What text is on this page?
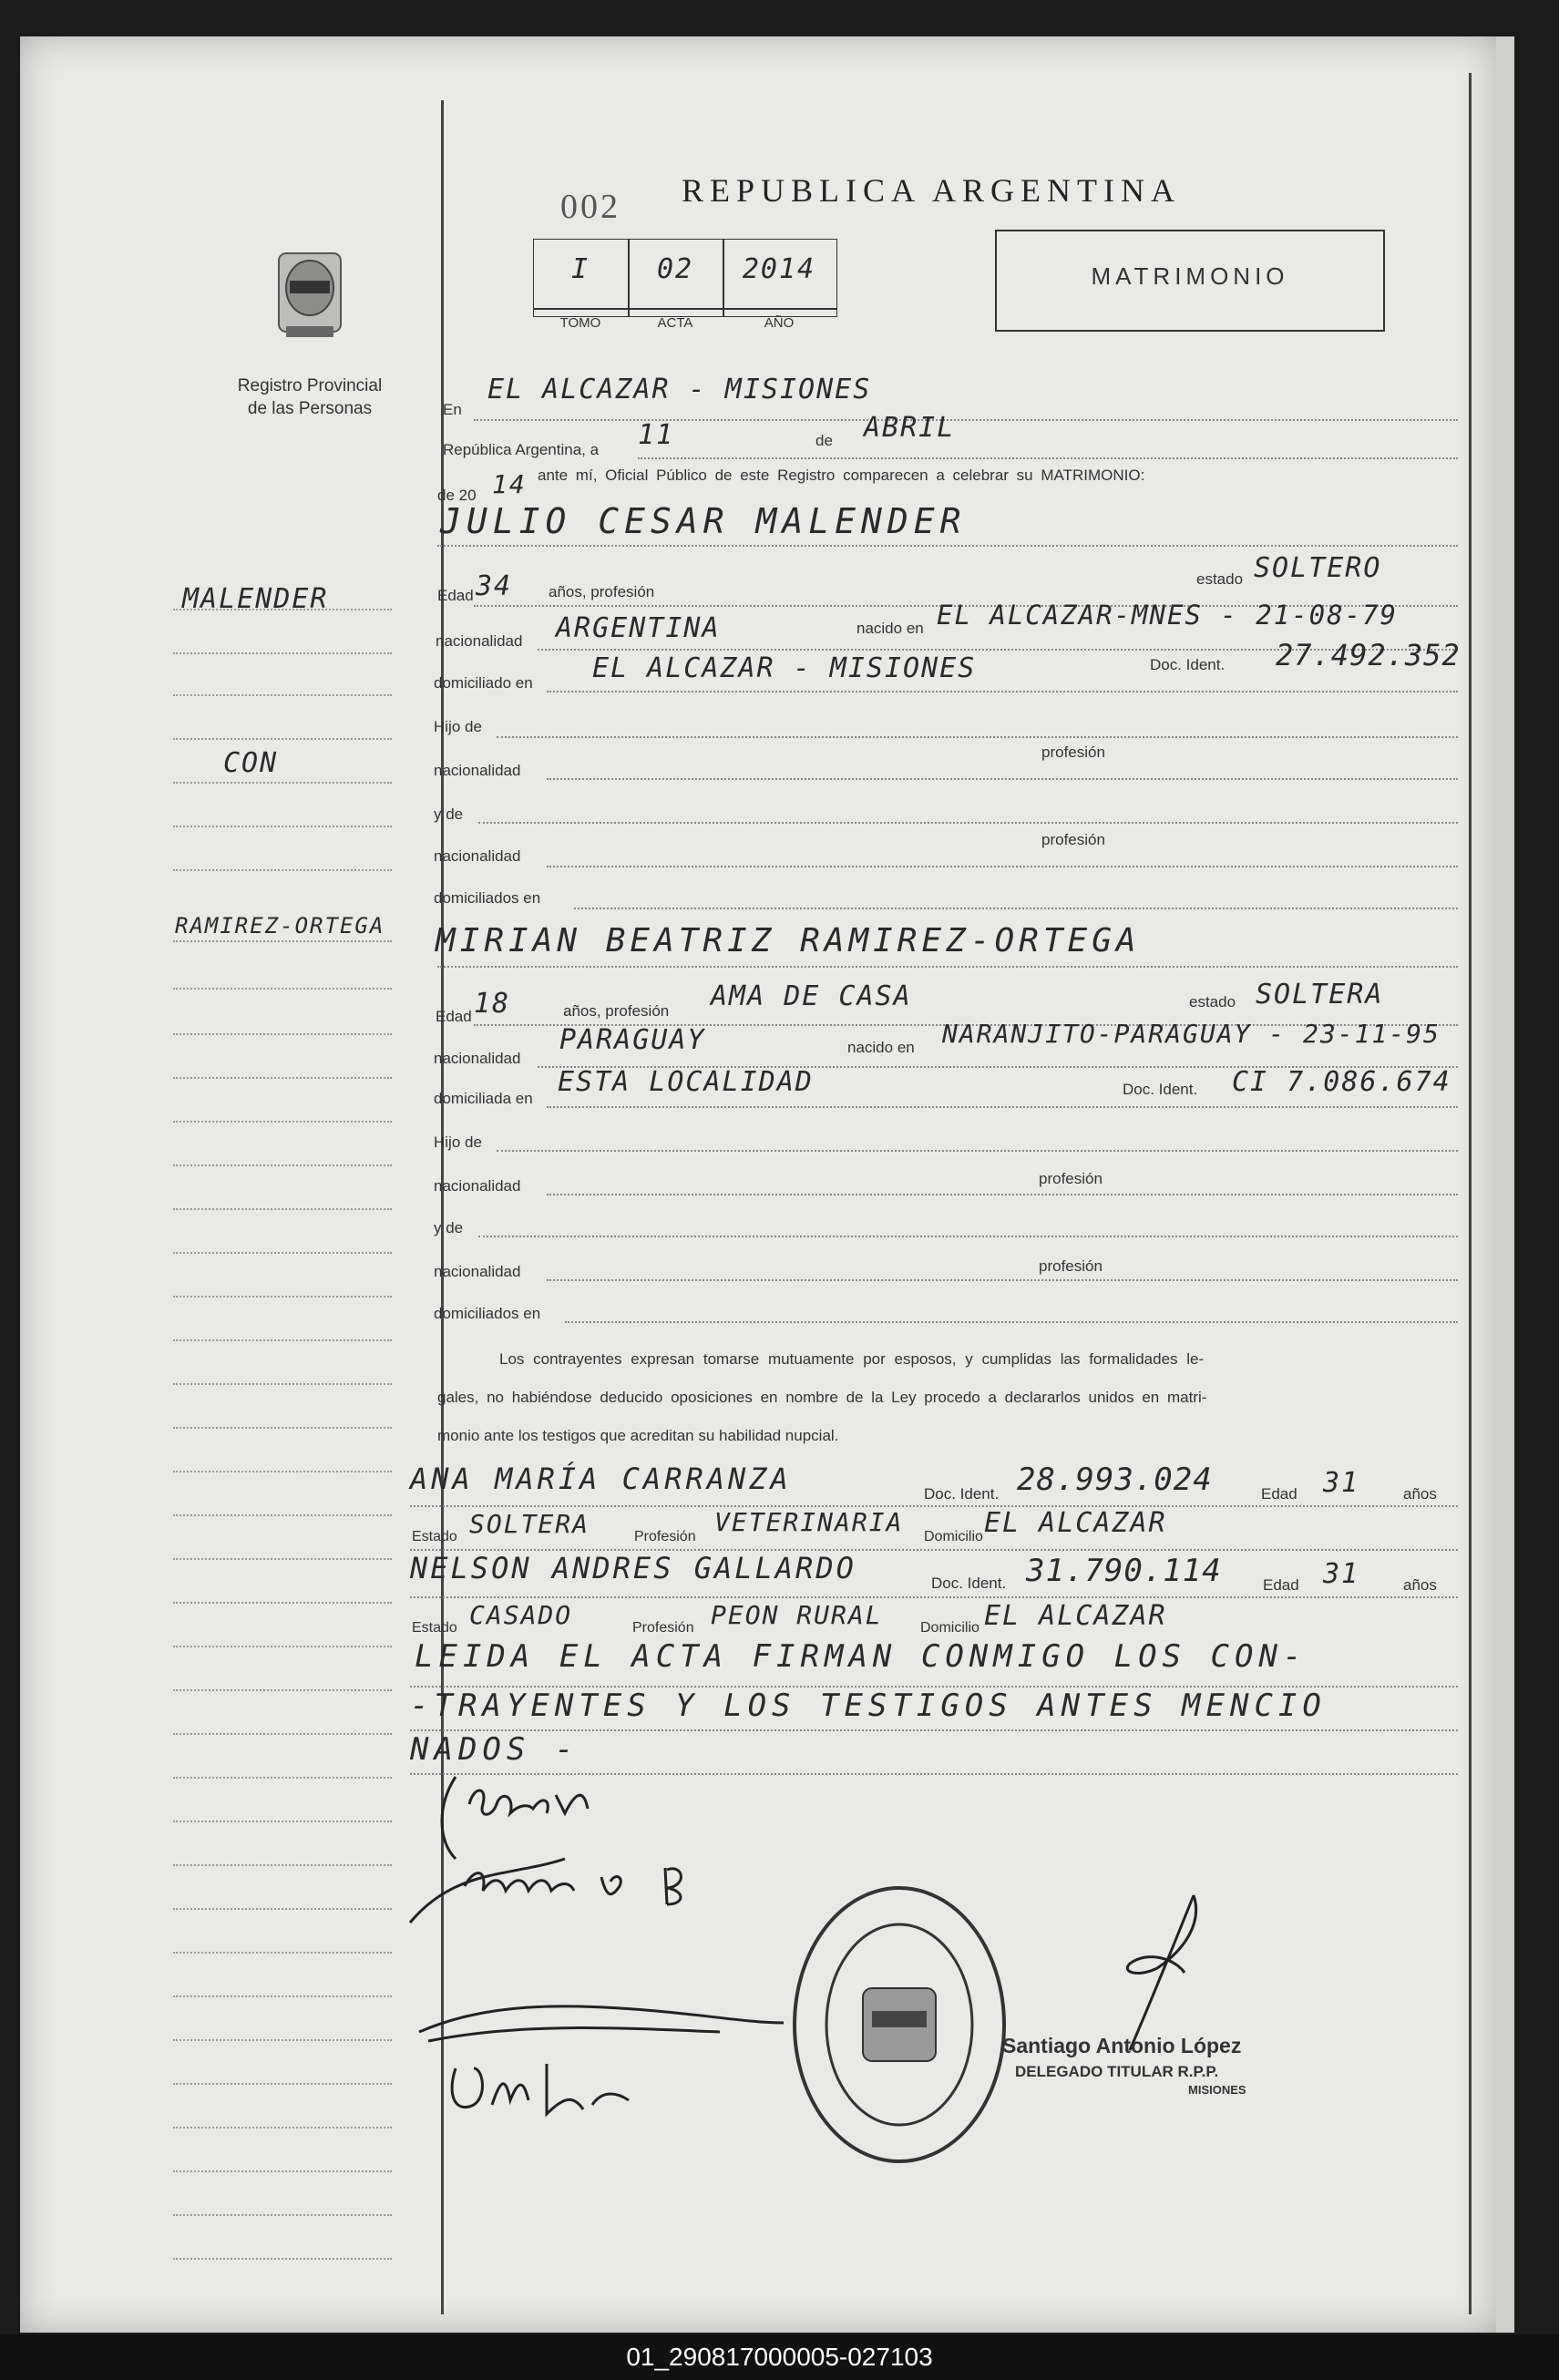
Registro Provincial
de las Personas
002 REPUBLICA ARGENTINA
MATRIMONIO
I	02	2014
TOMO	ACTA	AÑO
MALENDER
CON
RAMIREZ-ORTEGA
En
EL ALCAZAR - MISIONES
República Argentina, a 11	de ABRIL
de 20 14 ante mí, Oficial Público de este Registro comparecen a celebrar su MATRIMONIO:
JULIO CESAR MALENDER
Edad 34 años, profesión
estado SOLTERO
nacionalidad ARGENTINA	nacido en EL ALCAZAR-MNES - 21-08-79
domiciliado en EL ALCAZAR - MISIONES	Doc. Ident. 27.492.352
Hijo de
nacionalidad
profesión
y de
nacionalidad
profesión
domiciliados en
MIRIAN BEATRIZ RAMIREZ-ORTEGA
Edad 18	años, profesión AMA DE CASA	estado SOLTERA
nacionalidad
PARAGUAY	nacido en NARANJITO-PARAGUAY - 23-11-95
domiciliada en
ESTA LOCALIDAD	Doc. Ident. CI 7.086.674
Hijo de
nacionalidad	profesión
y de
nacionalidad	profesión
domiciliados en
Los contrayentes expresan tomarse mutuamente por esposos, y cumplidas las formalidades le-
gales, no habiéndose deducido oposiciones en nombre de la Ley procedo a declararlos unidos en matri-
monio ante los testigos que acreditan su habilidad nupcial.
ANA MARÍA CARRANZA	Doc. Ident. 28.993.024	Edad 31	años
Estado SOLTERA	Profesión VETERINARIA Domicilio EL ALCAZAR
NELSON ANDRES GALLARDO	Doc. Ident. 31.790.114	Edad 31	años
Estado CASADO	Profesión PEON RURAL	Domicilio EL ALCAZAR
LEIDA EL ACTA FIRMAN CONMIGO LOS CON-
-TRAYENTES Y LOS TESTIGOS ANTES MENCIO
NADOS -
Santiago Antonio López
DELEGADO TITULAR R.P.P.
MISIONES
01_290817000005-027103
